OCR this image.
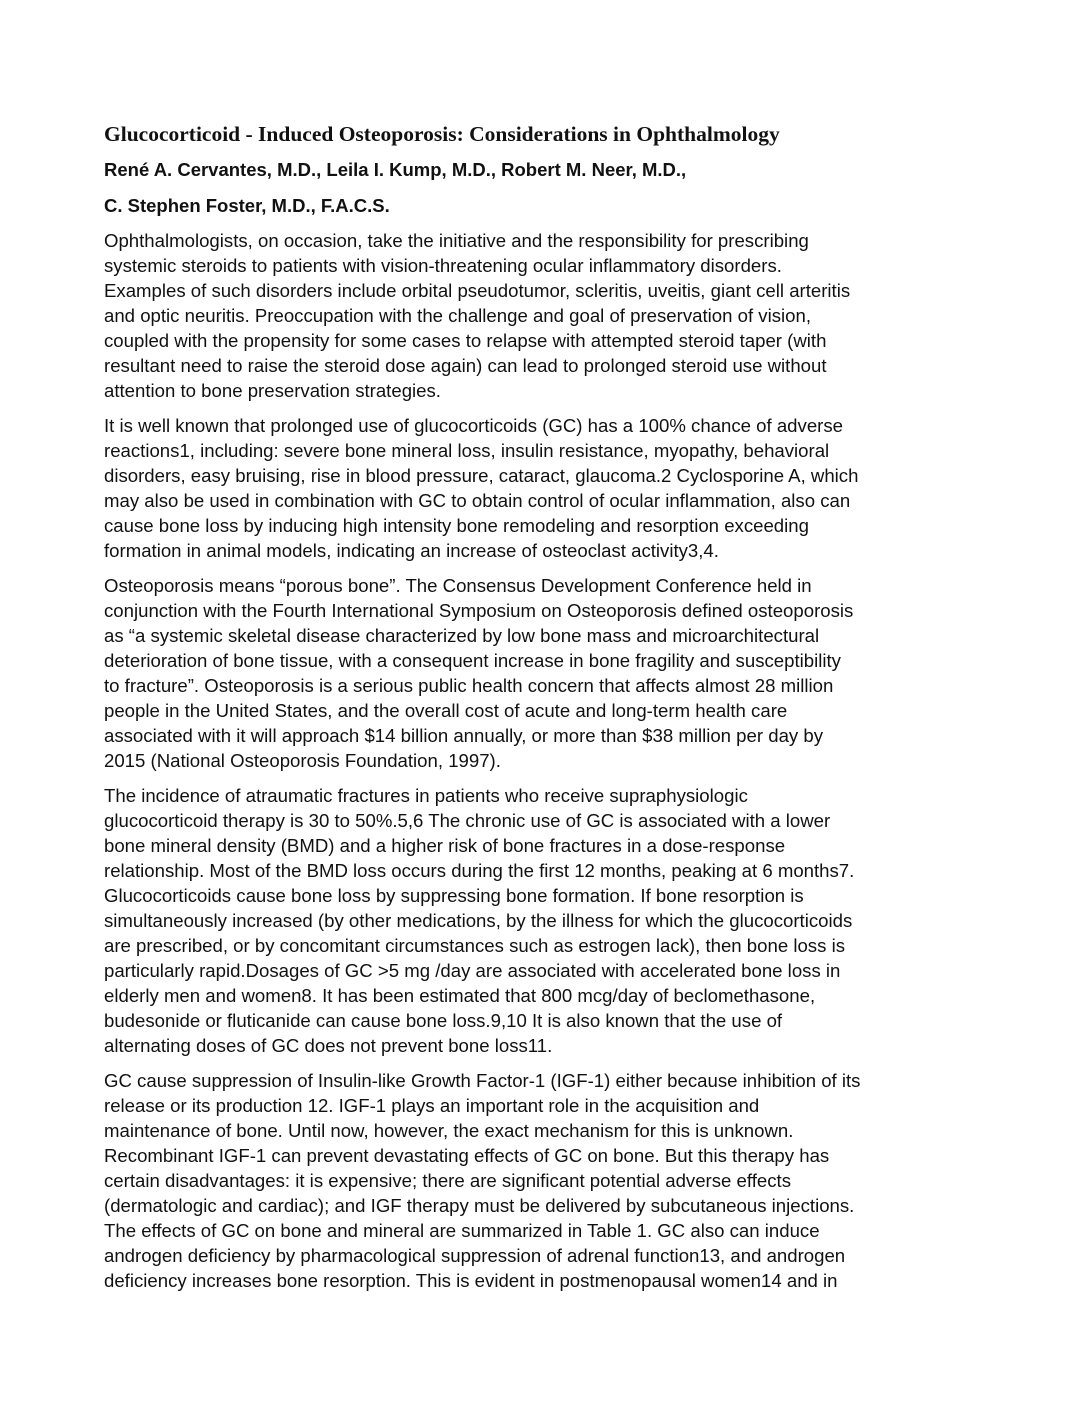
Glucocorticoid - Induced Osteoporosis: Considerations in Ophthalmology
René A. Cervantes, M.D., Leila I. Kump, M.D., Robert M. Neer, M.D.,
C. Stephen Foster, M.D., F.A.C.S.
Ophthalmologists, on occasion, take the initiative and the responsibility for prescribing
systemic steroids to patients with vision-threatening ocular inflammatory disorders.
Examples of such disorders include orbital pseudotumor, scleritis, uveitis, giant cell arteritis
and optic neuritis. Preoccupation with the challenge and goal of preservation of vision,
coupled with the propensity for some cases to relapse with attempted steroid taper (with
resultant need to raise the steroid dose again) can lead to prolonged steroid use without
attention to bone preservation strategies.
It is well known that prolonged use of glucocorticoids (GC) has a 100% chance of adverse
reactions1, including: severe bone mineral loss, insulin resistance, myopathy, behavioral
disorders, easy bruising, rise in blood pressure, cataract, glaucoma.2 Cyclosporine A, which
may also be used in combination with GC to obtain control of ocular inflammation, also can
cause bone loss by inducing high intensity bone remodeling and resorption exceeding
formation in animal models, indicating an increase of osteoclast activity3,4.
Osteoporosis means “porous bone”. The Consensus Development Conference held in
conjunction with the Fourth International Symposium on Osteoporosis defined osteoporosis
as “a systemic skeletal disease characterized by low bone mass and microarchitectural
deterioration of bone tissue, with a consequent increase in bone fragility and susceptibility
to fracture”. Osteoporosis is a serious public health concern that affects almost 28 million
people in the United States, and the overall cost of acute and long-term health care
associated with it will approach $14 billion annually, or more than $38 million per day by
2015 (National Osteoporosis Foundation, 1997).
The incidence of atraumatic fractures in patients who receive supraphysiologic
glucocorticoid therapy is 30 to 50%.5,6 The chronic use of GC is associated with a lower
bone mineral density (BMD) and a higher risk of bone fractures in a dose-response
relationship. Most of the BMD loss occurs during the first 12 months, peaking at 6 months7.
Glucocorticoids cause bone loss by suppressing bone formation. If bone resorption is
simultaneously increased (by other medications, by the illness for which the glucocorticoids
are prescribed, or by concomitant circumstances such as estrogen lack), then bone loss is
particularly rapid.Dosages of GC >5 mg /day are associated with accelerated bone loss in
elderly men and women8. It has been estimated that 800 mcg/day of beclomethasone,
budesonide or fluticanide can cause bone loss.9,10 It is also known that the use of
alternating doses of GC does not prevent bone loss11.
GC cause suppression of Insulin-like Growth Factor-1 (IGF-1) either because inhibition of its
release or its production 12. IGF-1 plays an important role in the acquisition and
maintenance of bone. Until now, however, the exact mechanism for this is unknown.
Recombinant IGF-1 can prevent devastating effects of GC on bone. But this therapy has
certain disadvantages: it is expensive; there are significant potential adverse effects
(dermatologic and cardiac); and IGF therapy must be delivered by subcutaneous injections.
The effects of GC on bone and mineral are summarized in Table 1. GC also can induce
androgen deficiency by pharmacological suppression of adrenal function13, and androgen
deficiency increases bone resorption. This is evident in postmenopausal women14 and in
